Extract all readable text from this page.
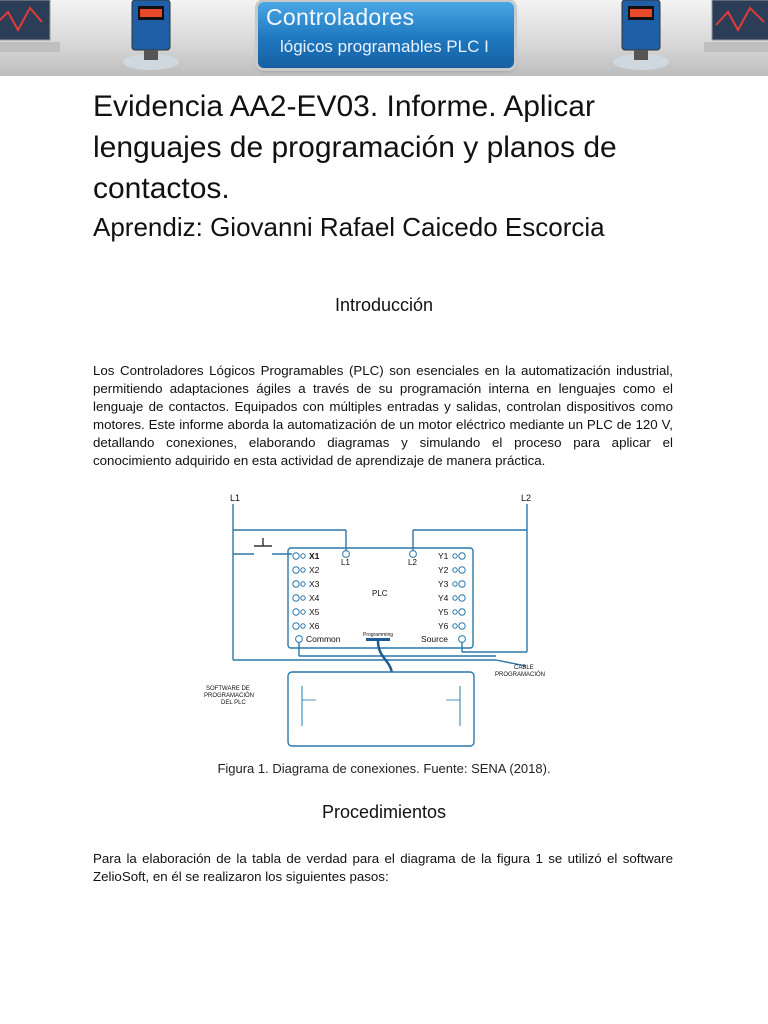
Controladores
lógicos programables PLC I
Evidencia AA2-EV03. Informe. Aplicar lenguajes de programación y planos de contactos.
Aprendiz: Giovanni Rafael Caicedo Escorcia
Introducción

Los Controladores Lógicos Programables (PLC) son esenciales en la automatización industrial, permitiendo adaptaciones ágiles a través de su programación interna en lenguajes como el lenguaje de contactos. Equipados con múltiples entradas y salidas, controlan dispositivos como motores. Este informe aborda la automatización de un motor eléctrico mediante un PLC de 120 V, detallando conexiones, elaborando diagramas y simulando el proceso para aplicar el conocimiento adquirido en esta actividad de aprendizaje de manera práctica.

L1	L2
L1	L2
PLC
X1
X2
X3
X4
X5
X6
Y1
Y2
Y3
Y4
Y5
Y6
Common	Source
Programming
CABLE
PROGRAMACIÓN
SOFTWARE DE
PROGRAMACIÓN
DEL PLC
Figura 1. Diagrama de conexiones. Fuente: SENA (2018).
Procedimientos

Para la elaboración de la tabla de verdad para el diagrama de la figura 1 se utilizó el software ZelioSoft, en él se realizaron los siguientes pasos:
